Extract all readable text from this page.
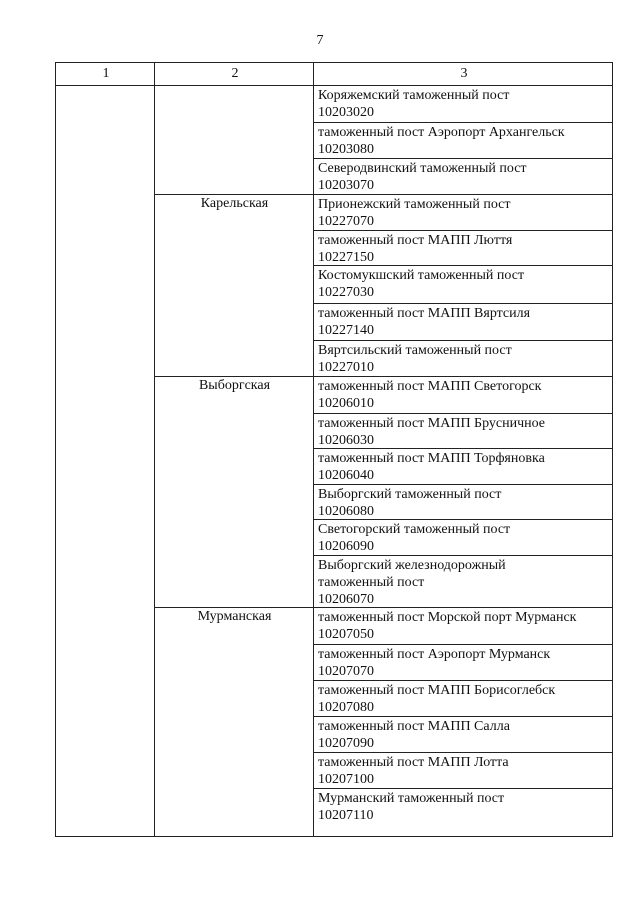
7
1	2	3
Коряжемский таможенный пост
10203020
таможенный пост Аэропорт Архангельск
10203080
Северодвинский таможенный пост
10203070
Карельская	Прионежский таможенный пост
10227070
таможенный пост МАПП Люття
10227150
Костомукшский таможенный пост
10227030
таможенный пост МАПП Вяртсиля
10227140
Вяртсильский таможенный пост
10227010
Выборгская	таможенный пост МАПП Светогорск
10206010
таможенный пост МАПП Брусничное
10206030
таможенный пост МАПП Торфяновка
10206040
Выборгский таможенный пост
10206080
Светогорский таможенный пост
10206090
Выборгский железнодорожный таможенный пост
10206070
Мурманская	таможенный пост Морской порт Мурманск
10207050
таможенный пост Аэропорт Мурманск
10207070
таможенный пост МАПП Борисоглебск
10207080
таможенный пост МАПП Салла
10207090
таможенный пост МАПП Лотта
10207100
Мурманский таможенный пост
10207110
